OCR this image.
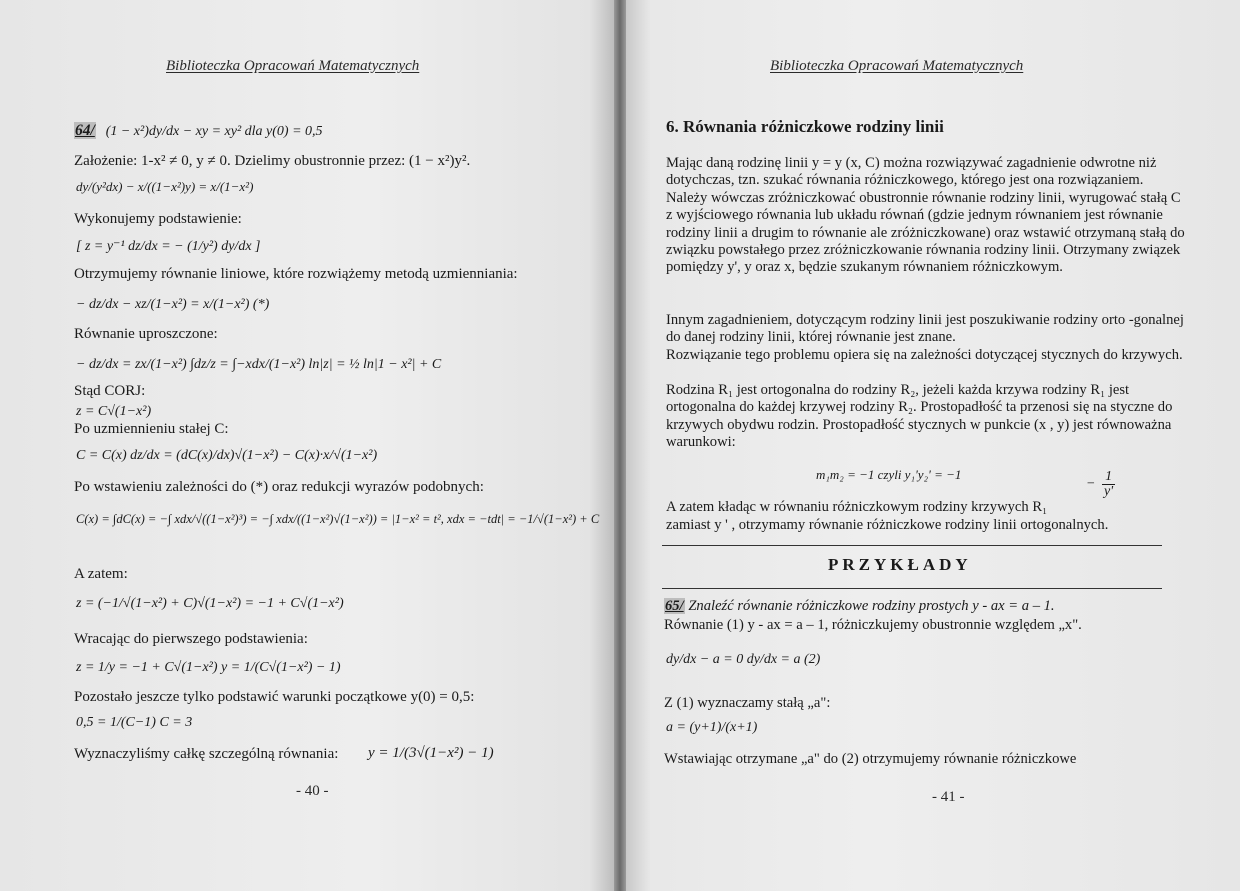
Biblioteczka Opracowań Matematycznych
64/ (1 − x²)dy/dx − xy = xy² dla y(0) = 0,5
Założenie: 1-x² ≠ 0, y ≠ 0. Dzielimy obustronnie przez: (1 − x²)y².
dy/(y²dx) − x/((1−x²)y) = x/(1−x²)
Wykonujemy podstawienie:
[ z = y⁻¹ dz/dx = − (1/y²) dy/dx ]
Otrzymujemy równanie liniowe, które rozwiążemy metodą uzmienniania:
− dz/dx − xz/(1−x²) = x/(1−x²) (*)
Równanie uproszczone:
− dz/dx = zx/(1−x²) ∫dz/z = ∫−xdx/(1−x²) ln|z| = ½ ln|1 − x²| + C
Stąd CORJ:
z = C√(1−x²)
Po uzmiennieniu stałej C:
C = C(x) dz/dx = (dC(x)/dx)√(1−x²) − C(x)·x/√(1−x²)
Po wstawieniu zależności do (*) oraz redukcji wyrazów podobnych:
C(x) = ∫dC(x) = −∫ xdx/√((1−x²)³) = −∫ xdx/((1−x²)√(1−x²)) = |1−x² = t², xdx = −tdt| = −1/√(1−x²) + C
A zatem:
z = (−1/√(1−x²) + C)√(1−x²) = −1 + C√(1−x²)
Wracając do pierwszego podstawienia:
z = 1/y = −1 + C√(1−x²) y = 1/(C√(1−x²) − 1)
Pozostało jeszcze tylko podstawić warunki początkowe y(0) = 0,5:
0,5 = 1/(C−1) C = 3
Wyznaczyliśmy całkę szczególną równania: y = 1/(3√(1−x²) − 1)
- 40 -
Biblioteczka Opracowań Matematycznych
6. Równania różniczkowe rodziny linii
Mając daną rodzinę linii y = y (x, C) można rozwiązywać zagadnienie odwrotne niż dotychczas, tzn. szukać równania różniczkowego, którego jest ona rozwiązaniem. Należy wówczas zróżniczkować obustronnie równanie rodziny linii, wyrugować stałą C z wyjściowego równania lub układu równań (gdzie jednym równaniem jest równanie rodziny linii a drugim to równanie ale zróżniczkowane) oraz wstawić otrzymaną stałą do związku powstałego przez zróżniczkowanie równania rodziny linii. Otrzymany związek pomiędzy y', y oraz x, będzie szukanym równaniem różniczkowym.
Innym zagadnieniem, dotyczącym rodziny linii jest poszukiwanie rodziny orto -gonalnej do danej rodziny linii, której równanie jest znane.
Rozwiązanie tego problemu opiera się na zależności dotyczącej stycznych do krzywych.
Rodzina R₁ jest ortogonalna do rodziny R₂, jeżeli każda krzywa rodziny R₁ jest ortogonalna do każdej krzywej rodziny R₂. Prostopadłość ta przenosi się na styczne do krzywych obydwu rodzin. Prostopadłość stycznych w punkcie (x , y) jest równoważna warunkowi:
m₁m₂ = −1 czyli y₁'y₂' = −1
− $\frac{1}{y'}$
A zatem kładąc w równaniu różniczkowym rodziny krzywych R₁
zamiast y ' , otrzymamy równanie różniczkowe rodziny linii ortogonalnych.
PRZYKŁADY
65/ Znaleźć równanie różniczkowe rodziny prostych y - ax = a – 1.
Równanie (1) y - ax = a – 1, różniczkujemy obustronnie względem „x".
dy/dx − a = 0 dy/dx = a (2)
Z (1) wyznaczamy stałą „a":
a = (y+1)/(x+1)
Wstawiając otrzymane „a" do (2) otrzymujemy równanie różniczkowe
- 41 -
